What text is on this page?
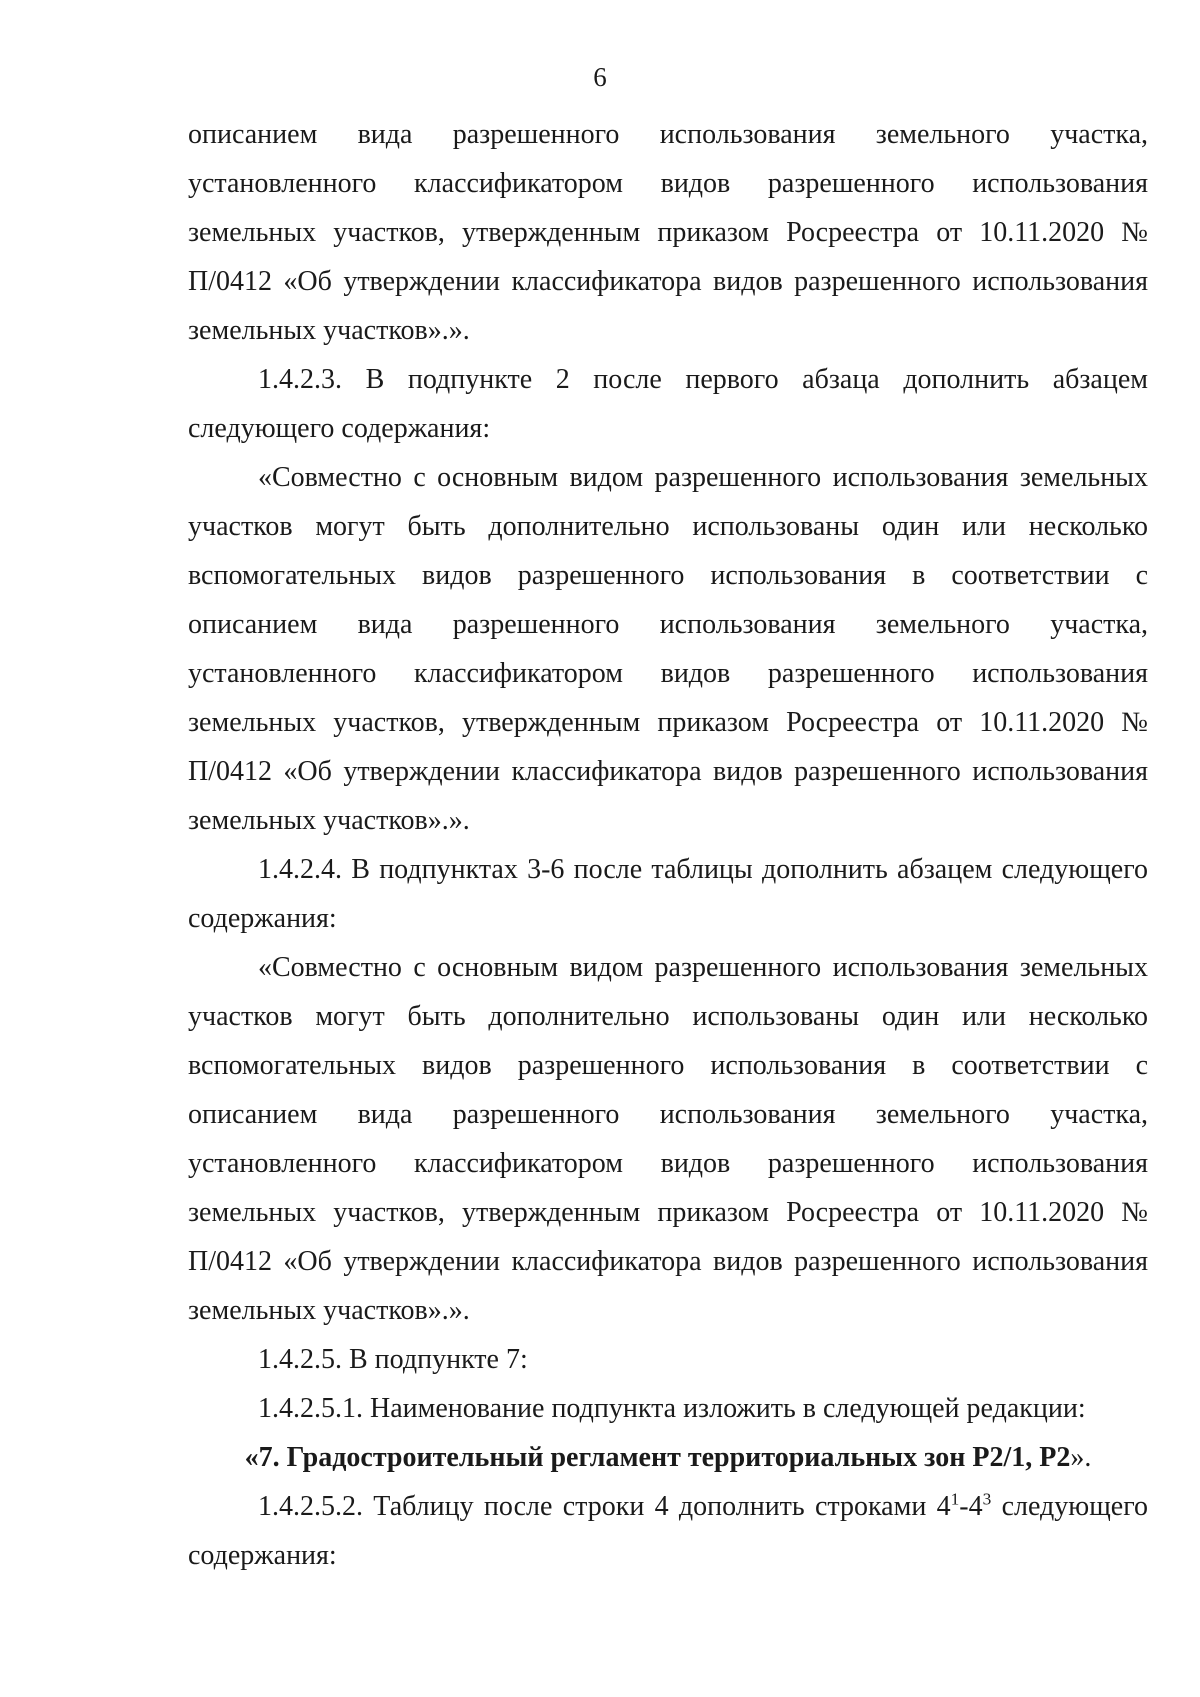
6

описанием вида разрешенного использования земельного участка, установленного классификатором видов разрешенного использования земельных участков, утвержденным приказом Росреестра от 10.11.2020 № П/0412 «Об утверждении классификатора видов разрешенного использования земельных участков».».

1.4.2.3. В подпункте 2 после первого абзаца дополнить абзацем следующего содержания:

«Совместно с основным видом разрешенного использования земельных участков могут быть дополнительно использованы один или несколько вспомогательных видов разрешенного использования в соответствии с описанием вида разрешенного использования земельного участка, установленного классификатором видов разрешенного использования земельных участков, утвержденным приказом Росреестра от 10.11.2020 № П/0412 «Об утверждении классификатора видов разрешенного использования земельных участков».».

1.4.2.4. В подпунктах 3-6 после таблицы дополнить абзацем следующего содержания:

«Совместно с основным видом разрешенного использования земельных участков могут быть дополнительно использованы один или несколько вспомогательных видов разрешенного использования в соответствии с описанием вида разрешенного использования земельного участка, установленного классификатором видов разрешенного использования земельных участков, утвержденным приказом Росреестра от 10.11.2020 № П/0412 «Об утверждении классификатора видов разрешенного использования земельных участков».».

1.4.2.5. В подпункте 7:

1.4.2.5.1. Наименование подпункта изложить в следующей редакции:

«7. Градостроительный регламент территориальных зон Р2/1, Р2».

1.4.2.5.2. Таблицу после строки 4 дополнить строками $4^1-4^3$ следующего содержания:
